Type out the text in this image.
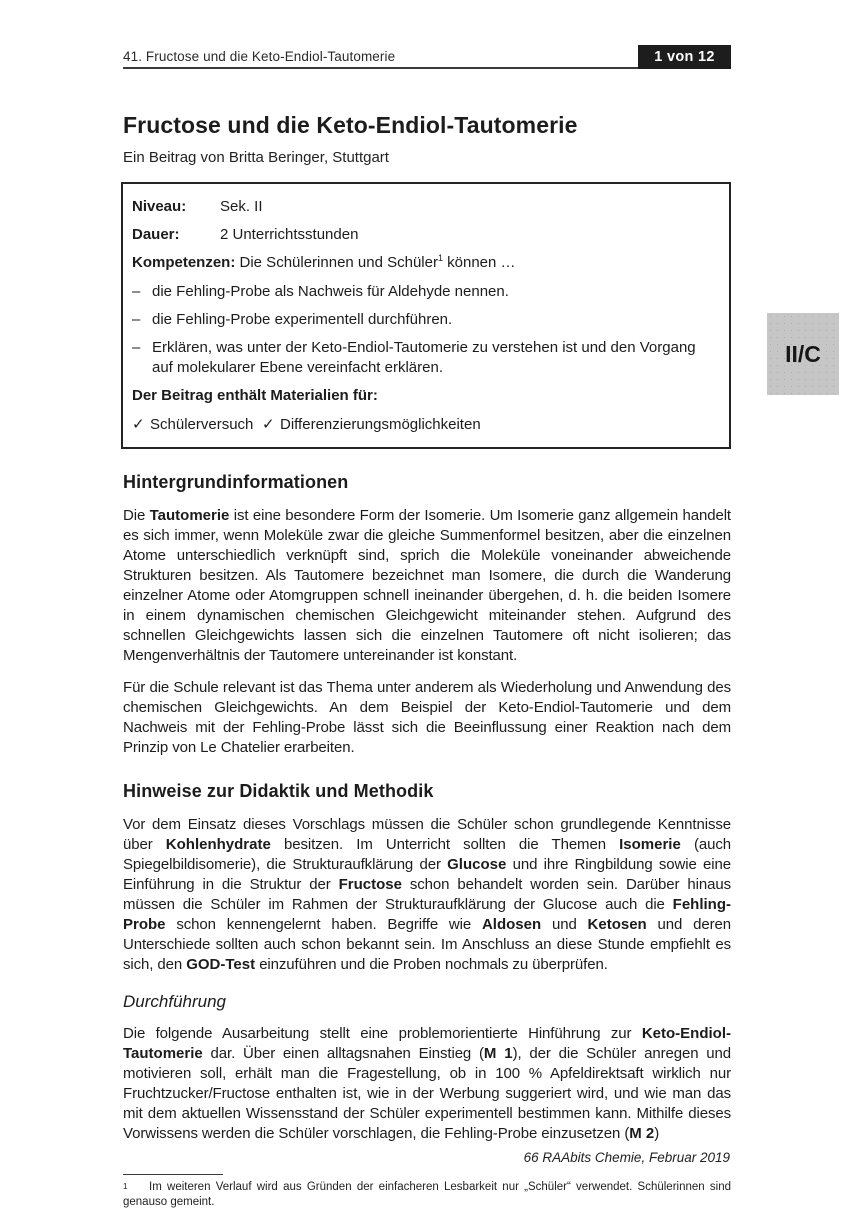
41. Fructose und die Keto-Endiol-Tautomerie	1 von 12
II/C
Fructose und die Keto-Endiol-Tautomerie
Ein Beitrag von Britta Beringer, Stuttgart
Niveau:	Sek. II
Dauer:	2 Unterrichtsstunden
Kompetenzen: Die Schülerinnen und Schüler$^1$ können …
– die Fehling-Probe als Nachweis für Aldehyde nennen.
– die Fehling-Probe experimentell durchführen.
– Erklären, was unter der Keto-Endiol-Tautomerie zu verstehen ist und den Vorgang auf molekularer Ebene vereinfacht erklären.
Der Beitrag enthält Materialien für:
✓ Schülerversuch ✓ Differenzierungsmöglichkeiten
Hintergrundinformationen

Die Tautomerie ist eine besondere Form der Isomerie. Um Isomerie ganz allgemein handelt es sich immer, wenn Moleküle zwar die gleiche Summenformel besitzen, aber die einzelnen Atome unterschiedlich verknüpft sind, sprich die Moleküle voneinander abweichende Strukturen besitzen. Als Tautomere bezeichnet man Isomere, die durch die Wanderung einzelner Atome oder Atomgruppen schnell ineinander übergehen, d. h. die beiden Isomere in einem dynamischen chemischen Gleichgewicht miteinander stehen. Aufgrund des schnellen Gleichgewichts lassen sich die einzelnen Tautomere oft nicht isolieren; das Mengenverhältnis der Tautomere untereinander ist konstant.

Für die Schule relevant ist das Thema unter anderem als Wiederholung und Anwendung des chemischen Gleichgewichts. An dem Beispiel der Keto-Endiol-Tautomerie und dem Nachweis mit der Fehling-Probe lässt sich die Beeinflussung einer Reaktion nach dem Prinzip von Le Chatelier erarbeiten.

Hinweise zur Didaktik und Methodik

Vor dem Einsatz dieses Vorschlags müssen die Schüler schon grundlegende Kenntnisse über Kohlenhydrate besitzen. Im Unterricht sollten die Themen Isomerie (auch Spiegelbildisomerie), die Strukturaufklärung der Glucose und ihre Ringbildung sowie eine Einführung in die Struktur der Fructose schon behandelt worden sein. Darüber hinaus müssen die Schüler im Rahmen der Strukturaufklärung der Glucose auch die Fehling-Probe schon kennengelernt haben. Begriffe wie Aldosen und Ketosen und deren Unterschiede sollten auch schon bekannt sein. Im Anschluss an diese Stunde empfiehlt es sich, den GOD-Test einzuführen und die Proben nochmals zu überprüfen.

Durchführung

Die folgende Ausarbeitung stellt eine problemorientierte Hinführung zur Keto-Endiol-Tautomerie dar. Über einen alltagsnahen Einstieg (M 1), der die Schüler anregen und motivieren soll, erhält man die Fragestellung, ob in 100 % Apfeldirektsaft wirklich nur Fruchtzucker/Fructose enthalten ist, wie in der Werbung suggeriert wird, und wie man das mit dem aktuellen Wissensstand der Schüler experimentell bestimmen kann. Mithilfe dieses Vorwissens werden die Schüler vorschlagen, die Fehling-Probe einzusetzen (M 2)

$^1$ Im weiteren Verlauf wird aus Gründen der einfacheren Lesbarkeit nur „Schüler“ verwendet. Schülerinnen sind genauso gemeint.
66 RAAbits Chemie, Februar 2019
